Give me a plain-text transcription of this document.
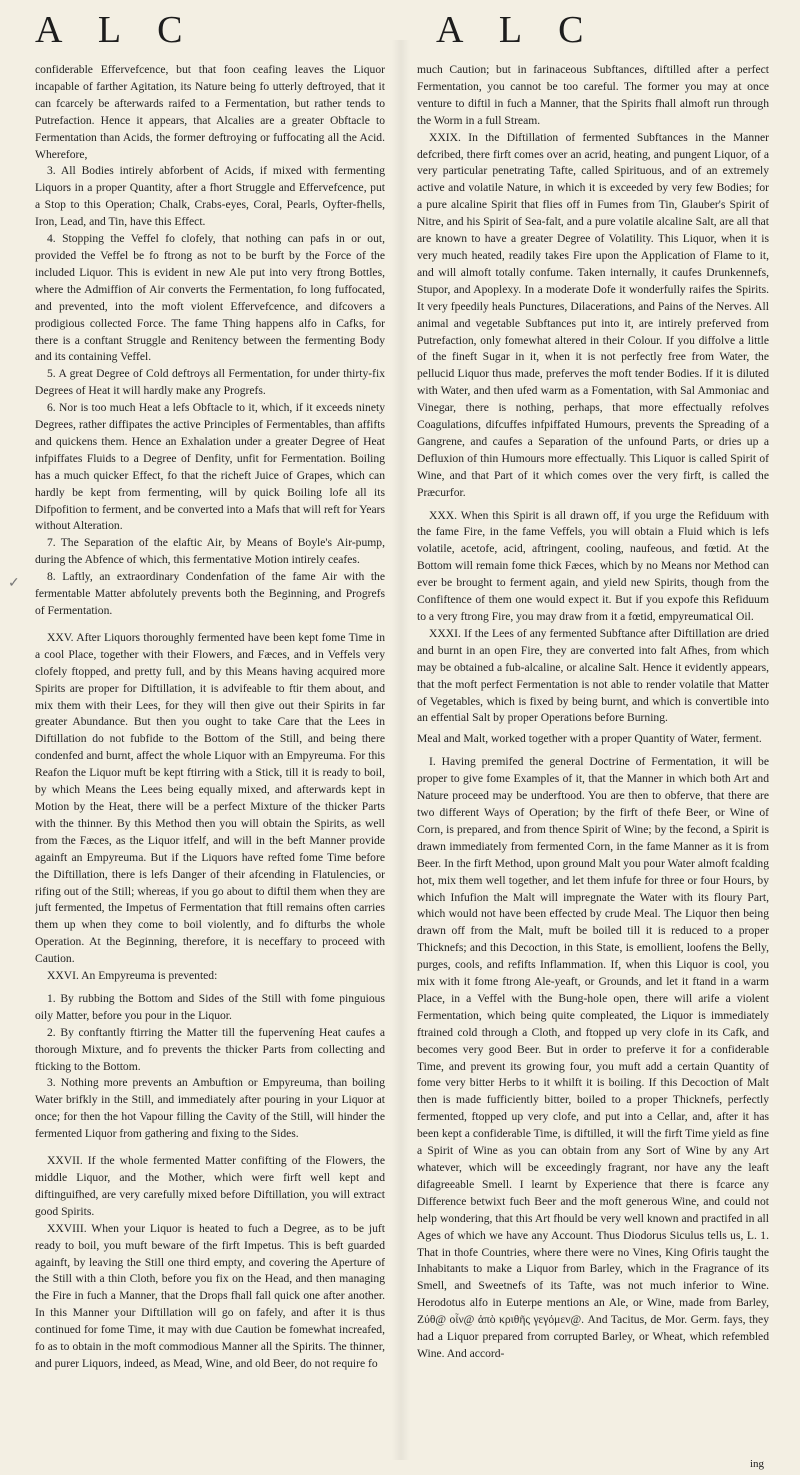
A L C	A L C
✓

confiderable Effervefcence, but that foon ceafing leaves the Liquor incapable of farther Agitation, its Nature being fo utterly deftroyed, that it can fcarcely be afterwards raifed to a Fermentation, but rather tends to Putrefaction. Hence it appears, that Alcalies are a greater Obftacle to Fermentation than Acids, the former deftroying or fuffocating all the Acid. Wherefore,

3. All Bodies intirely abforbent of Acids, if mixed with fermenting Liquors in a proper Quantity, after a fhort Struggle and Effervefcence, put a Stop to this Operation; Chalk, Crabs-eyes, Coral, Pearls, Oyfter-fhells, Iron, Lead, and Tin, have this Effect.

4. Stopping the Veffel fo clofely, that nothing can pafs in or out, provided the Veffel be fo ftrong as not to be burft by the Force of the included Liquor. This is evident in new Ale put into very ftrong Bottles, where the Admiffion of Air converts the Fermentation, fo long fuffocated, and prevented, into the moft violent Effervefcence, and difcovers a prodigious collected Force. The fame Thing happens alfo in Cafks, for there is a conftant Struggle and Renitency between the fermenting Body and its containing Veffel.

5. A great Degree of Cold deftroys all Fermentation, for under thirty-fix Degrees of Heat it will hardly make any Progrefs.

6. Nor is too much Heat a lefs Obftacle to it, which, if it exceeds ninety Degrees, rather diffipates the active Principles of Fermentables, than affifts and quickens them. Hence an Exhalation under a greater Degree of Heat infpiffates Fluids to a Degree of Denfity, unfit for Fermentation. Boiling has a much quicker Effect, fo that the richeft Juice of Grapes, which can hardly be kept from fermenting, will by quick Boiling lofe all its Difpofition to ferment, and be converted into a Mafs that will reft for Years without Alteration.

7. The Separation of the elaftic Air, by Means of Boyle's Air-pump, during the Abfence of which, this fermentative Motion intirely ceafes.

8. Laftly, an extraordinary Condenfation of the fame Air with the fermentable Matter abfolutely prevents both the Beginning, and Progrefs of Fermentation.

XXV. After Liquors thoroughly fermented have been kept fome Time in a cool Place, together with their Flowers, and Fæces, and in Veffels very clofely ftopped, and pretty full, and by this Means having acquired more Spirits are proper for Diftillation, it is advifeable to ftir them about, and mix them with their Lees, for they will then give out their Spirits in far greater Abundance. But then you ought to take Care that the Lees in Diftillation do not fubfide to the Bottom of the Still, and being there condenfed and burnt, affect the whole Liquor with an Empyreuma. For this Reafon the Liquor muft be kept ftirring with a Stick, till it is ready to boil, by which Means the Lees being equally mixed, and afterwards kept in Motion by the Heat, there will be a perfect Mixture of the thicker Parts with the thinner. By this Method then you will obtain the Spirits, as well from the Fæces, as the Liquor itfelf, and will in the beft Manner provide againft an Empyreuma. But if the Liquors have refted fome Time before the Diftillation, there is lefs Danger of their afcending in Flatulencies, or rifing out of the Still; whereas, if you go about to diftil them when they are juft fermented, the Impetus of Fermentation that ftill remains often carries them up when they come to boil violently, and fo difturbs the whole Operation. At the Beginning, therefore, it is neceffary to proceed with Caution.

XXVI. An Empyreuma is prevented:

1. By rubbing the Bottom and Sides of the Still with fome pinguious oily Matter, before you pour in the Liquor.

2. By conftantly ftirring the Matter till the fuperveníng Heat caufes a thorough Mixture, and fo prevents the thicker Parts from collecting and fticking to the Bottom.

3. Nothing more prevents an Ambuftion or Empyreuma, than boiling Water brifkly in the Still, and immediately after pouring in your Liquor at once; for then the hot Vapour filling the Cavity of the Still, will hinder the fermented Liquor from gathering and fixing to the Sides.

XXVII. If the whole fermented Matter confifting of the Flowers, the middle Liquor, and the Mother, which were firft well kept and diftinguifhed, are very carefully mixed before Diftillation, you will extract good Spirits.

XXVIII. When your Liquor is heated to fuch a Degree, as to be juft ready to boil, you muft beware of the firft Impetus. This is beft guarded againft, by leaving the Still one third empty, and covering the Aperture of the Still with a thin Cloth, before you fix on the Head, and then managing the Fire in fuch a Manner, that the Drops fhall fall quick one after another. In this Manner your Diftillation will go on fafely, and after it is thus continued for fome Time, it may with due Caution be fomewhat increafed, fo as to obtain in the moft commodious Manner all the Spirits. The thinner, and purer Liquors, indeed, as Mead, Wine, and old Beer, do not require fo

much Caution; but in farinaceous Subftances, diftilled after a perfect Fermentation, you cannot be too careful. The former you may at once venture to diftil in fuch a Manner, that the Spirits fhall almoft run through the Worm in a full Stream.

XXIX. In the Diftillation of fermented Subftances in the Manner defcribed, there firft comes over an acrid, heating, and pungent Liquor, of a very particular penetrating Tafte, called Spirituous, and of an extremely active and volatile Nature, in which it is exceeded by very few Bodies; for a pure alcaline Spirit that flies off in Fumes from Tin, Glauber's Spirit of Nitre, and his Spirit of Sea-falt, and a pure volatile alcaline Salt, are all that are known to have a greater Degree of Volatility. This Liquor, when it is very much heated, readily takes Fire upon the Application of Flame to it, and will almoft totally confume. Taken internally, it caufes Drunkennefs, Stupor, and Apoplexy. In a moderate Dofe it wonderfully raifes the Spirits. It very fpeedily heals Punctures, Dilacerations, and Pains of the Nerves. All animal and vegetable Subftances put into it, are intirely preferved from Putrefaction, only fomewhat altered in their Colour. If you diffolve a little of the fineft Sugar in it, when it is not perfectly free from Water, the pellucid Liquor thus made, preferves the moft tender Bodies. If it is diluted with Water, and then ufed warm as a Fomentation, with Sal Ammoniac and Vinegar, there is nothing, perhaps, that more effectually refolves Coagulations, difcuffes infpiffated Humours, prevents the Spreading of a Gangrene, and caufes a Separation of the unfound Parts, or dries up a Defluxion of thin Humours more effectually. This Liquor is called Spirit of Wine, and that Part of it which comes over the very firft, is called the Præcurfor.

XXX. When this Spirit is all drawn off, if you urge the Refiduum with the fame Fire, in the fame Veffels, you will obtain a Fluid which is lefs volatile, acetofe, acid, aftringent, cooling, naufeous, and fœtid. At the Bottom will remain fome thick Fæces, which by no Means nor Method can ever be brought to ferment again, and yield new Spirits, though from the Confiftence of them one would expect it. But if you expofe this Refiduum to a very ftrong Fire, you may draw from it a fœtid, empyreumatical Oil.

XXXI. If the Lees of any fermented Subftance after Diftillation are dried and burnt in an open Fire, they are converted into falt Afhes, from which may be obtained a fub-alcaline, or alcaline Salt. Hence it evidently appears, that the moft perfect Fermentation is not able to render volatile that Matter of Vegetables, which is fixed by being burnt, and which is convertible into an effential Salt by proper Operations before Burning.

Meal and Malt, worked together with a proper Quantity of Water, ferment.

I. Having premifed the general Doctrine of Fermentation, it will be proper to give fome Examples of it, that the Manner in which both Art and Nature proceed may be underftood. You are then to obferve, that there are two different Ways of Operation; by the firft of thefe Beer, or Wine of Corn, is prepared, and from thence Spirit of Wine; by the fecond, a Spirit is drawn immediately from fermented Corn, in the fame Manner as it is from Beer. In the firft Method, upon ground Malt you pour Water almoft fcalding hot, mix them well together, and let them infufe for three or four Hours, by which Infufion the Malt will impregnate the Water with its floury Part, which would not have been effected by crude Meal. The Liquor then being drawn off from the Malt, muft be boiled till it is reduced to a proper Thicknefs; and this Decoction, in this State, is emollient, loofens the Belly, purges, cools, and refifts Inflammation. If, when this Liquor is cool, you mix with it fome ftrong Ale-yeaft, or Grounds, and let it ftand in a warm Place, in a Veffel with the Bung-hole open, there will arife a violent Fermentation, which being quite compleated, the Liquor is immediately ftrained cold through a Cloth, and ftopped up very clofe in its Cafk, and becomes very good Beer. But in order to preferve it for a confiderable Time, and prevent its growing four, you muft add a certain Quantity of fome very bitter Herbs to it whilft it is boiling. If this Decoction of Malt then is made fufficiently bitter, boiled to a proper Thicknefs, perfectly fermented, ftopped up very clofe, and put into a Cellar, and, after it has been kept a confiderable Time, is diftilled, it will the firft Time yield as fine a Spirit of Wine as you can obtain from any Sort of Wine by any Art whatever, which will be exceedingly fragrant, nor have any the leaft difagreeable Smell. I learnt by Experience that there is fcarce any Difference betwixt fuch Beer and the moft generous Wine, and could not help wondering, that this Art fhould be very well known and practifed in all Ages of which we have any Account. Thus Diodorus Siculus tells us, L. 1. That in thofe Countries, where there were no Vines, King Ofiris taught the Inhabitants to make a Liquor from Barley, which in the Fragrance of its Smell, and Sweetnefs of its Tafte, was not much inferior to Wine. Herodotus alfo in Euterpe mentions an Ale, or Wine, made from Barley, Ζύθ@ οἶν@ ἀπὸ κριθῆς γεγόμεν@. And Tacitus, de Mor. Germ. fays, they had a Liquor prepared from corrupted Barley, or Wheat, which refembled Wine. And accord-

ing
